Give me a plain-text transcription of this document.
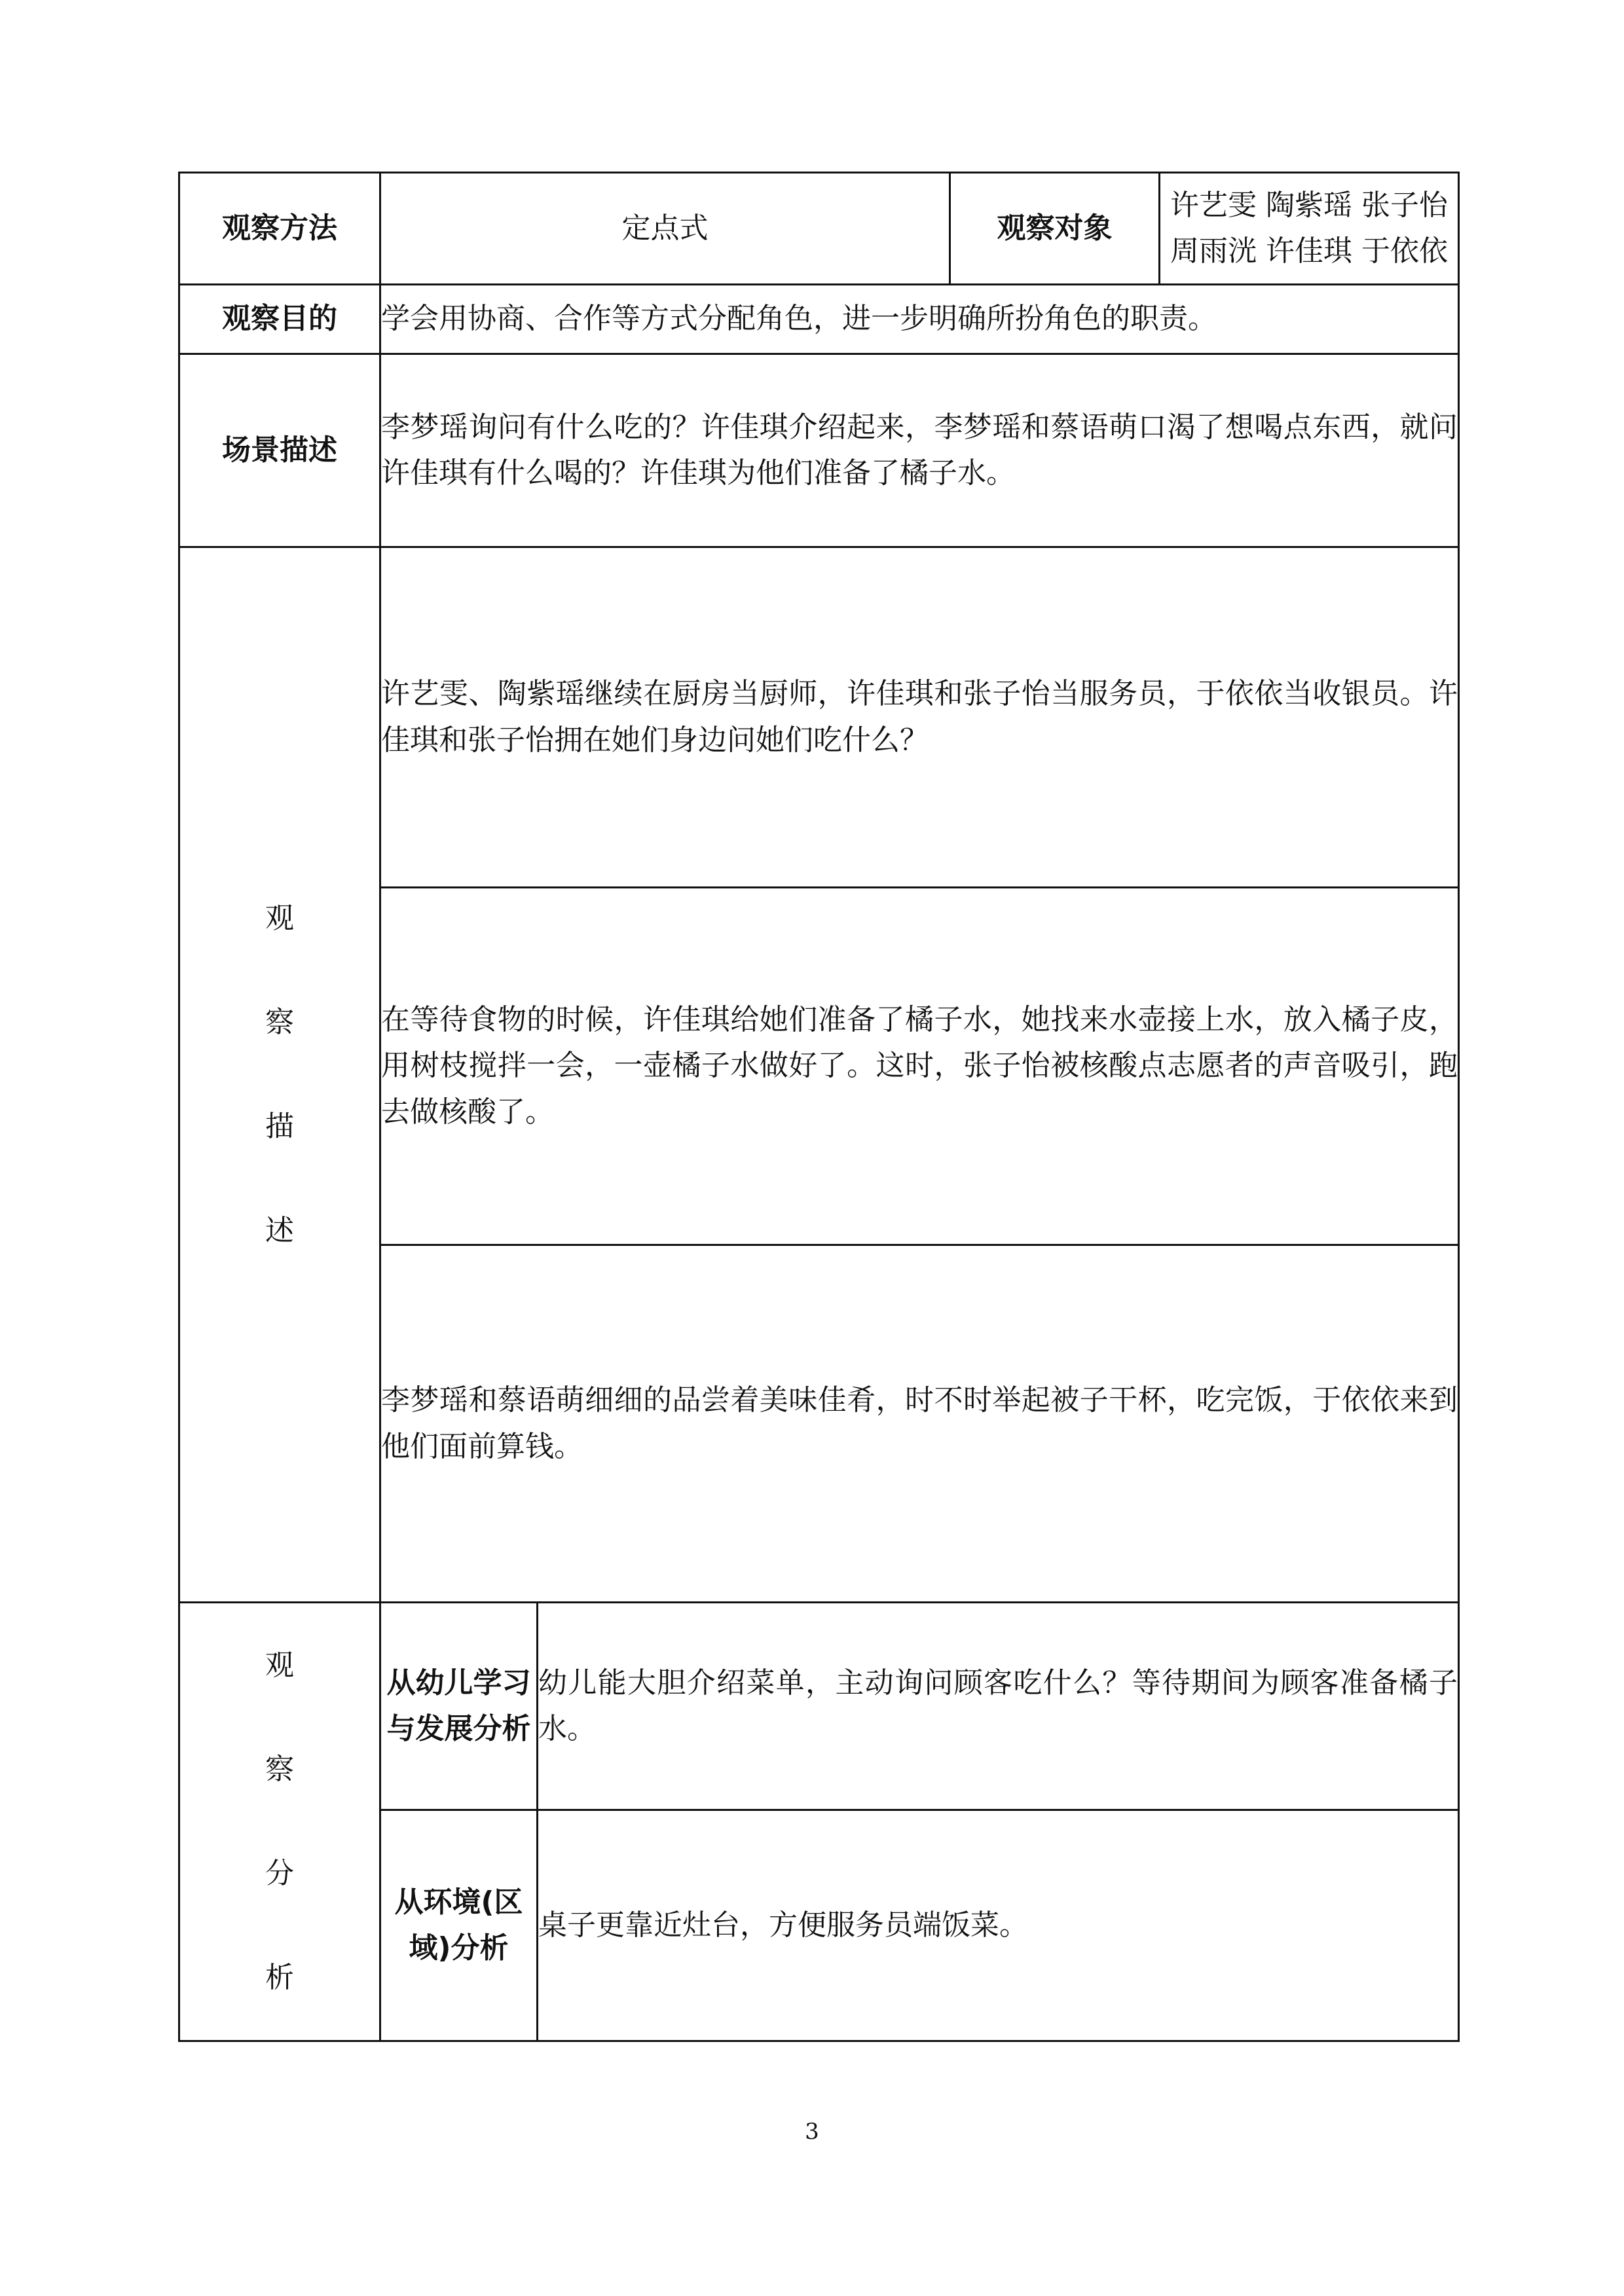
观察方法	定点式		观察对象	许艺雯 陶紫瑶 张子怡 周雨洸 许佳琪 于依依
观察目的	学会用协商、合作等方式分配角色，进一步明确所扮角色的职责。			
场景描述	李梦瑶询问有什么吃的？许佳琪介绍起来，李梦瑶和蔡语萌口渴了想喝点东西，就问许佳琪有什么喝的？许佳琪为他们准备了橘子水。			

观
察
描
述	许艺雯、陶紫瑶继续在厨房当厨师，许佳琪和张子怡当服务员，于依依当收银员。许佳琪和张子怡拥在她们身边问她们吃什么？			
	在等待食物的时候，许佳琪给她们准备了橘子水，她找来水壶接上水，放入橘子皮，用树枝搅拌一会，一壶橘子水做好了。这时，张子怡被核酸点志愿者的声音吸引，跑去做核酸了。			
	李梦瑶和蔡语萌细细的品尝着美味佳肴，时不时举起被子干杯，吃完饭，于依依来到他们面前算钱。			

观
察
分
析	从幼儿学习与发展分析	幼儿能大胆介绍菜单，主动询问顾客吃什么？等待期间为顾客准备橘子水。		
	从环境(区域)分析	桌子更靠近灶台，方便服务员端饭菜。		
3
